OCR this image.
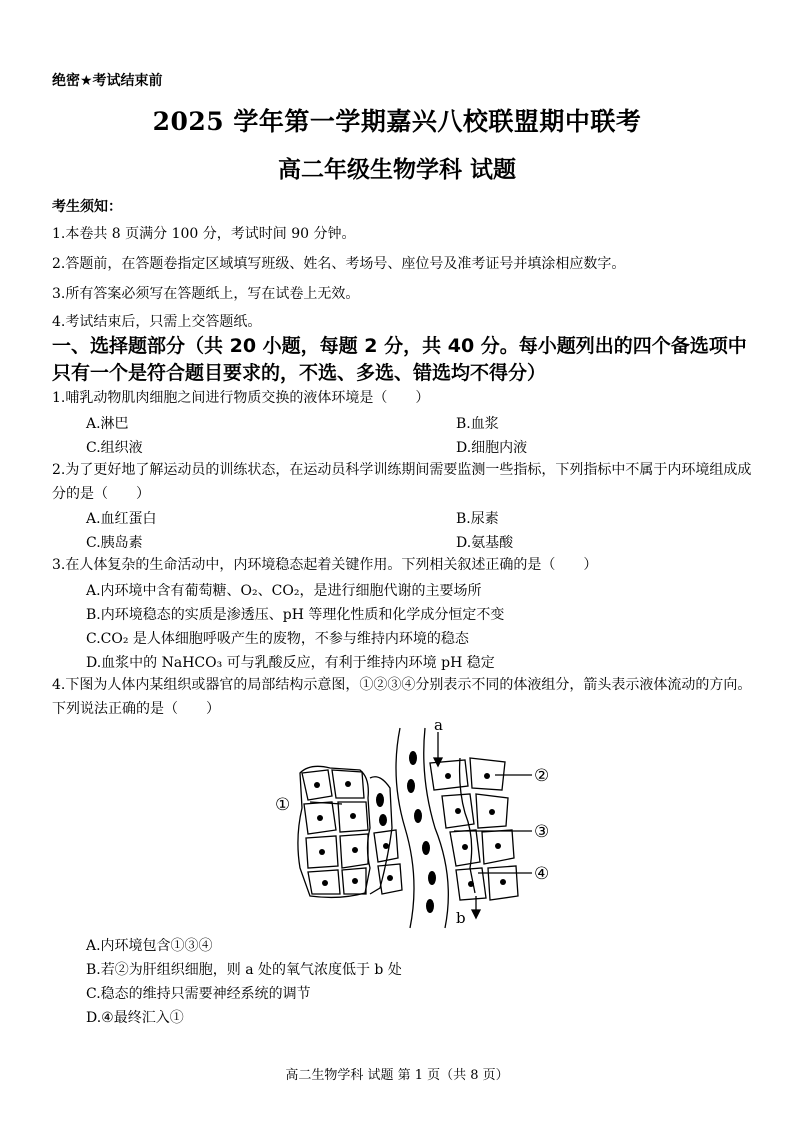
绝密★考试结束前
2025 学年第一学期嘉兴八校联盟期中联考
高二年级生物学科 试题
考生须知：
1.本卷共 8 页满分 100 分，考试时间 90 分钟。
2.答题前，在答题卷指定区域填写班级、姓名、考场号、座位号及准考证号并填涂相应数字。
3.所有答案必须写在答题纸上，写在试卷上无效。
4.考试结束后，只需上交答题纸。
一、选择题部分（共 20 小题，每题 2 分，共 40 分。每小题列出的四个备选项中只有一个是符合题目要求的，不选、多选、错选均不得分）
1.哺乳动物肌肉细胞之间进行物质交换的液体环境是（　　）
A.淋巴	B.血浆
C.组织液	D.细胞内液
2.为了更好地了解运动员的训练状态，在运动员科学训练期间需要监测一些指标，下列指标中不属于内环境组成成分的是（　　）
A.血红蛋白	B.尿素
C.胰岛素	D.氨基酸
3.在人体复杂的生命活动中，内环境稳态起着关键作用。下列相关叙述正确的是（　　）
A.内环境中含有葡萄糖、O₂、CO₂，是进行细胞代谢的主要场所
B.内环境稳态的实质是渗透压、pH 等理化性质和化学成分恒定不变
C.CO₂ 是人体细胞呼吸产生的废物，不参与维持内环境的稳态
D.血浆中的 NaHCO₃ 可与乳酸反应，有利于维持内环境 pH 稳定
4.下图为人体内某组织或器官的局部结构示意图，①②③④分别表示不同的体液组分，箭头表示液体流动的方向。下列说法正确的是（　　）
a
b
①
②
③
④
A.内环境包含①③④
B.若②为肝组织细胞，则 a 处的氧气浓度低于 b 处
C.稳态的维持只需要神经系统的调节
D.④最终汇入①
高二生物学科 试题 第 1 页（共 8 页）
